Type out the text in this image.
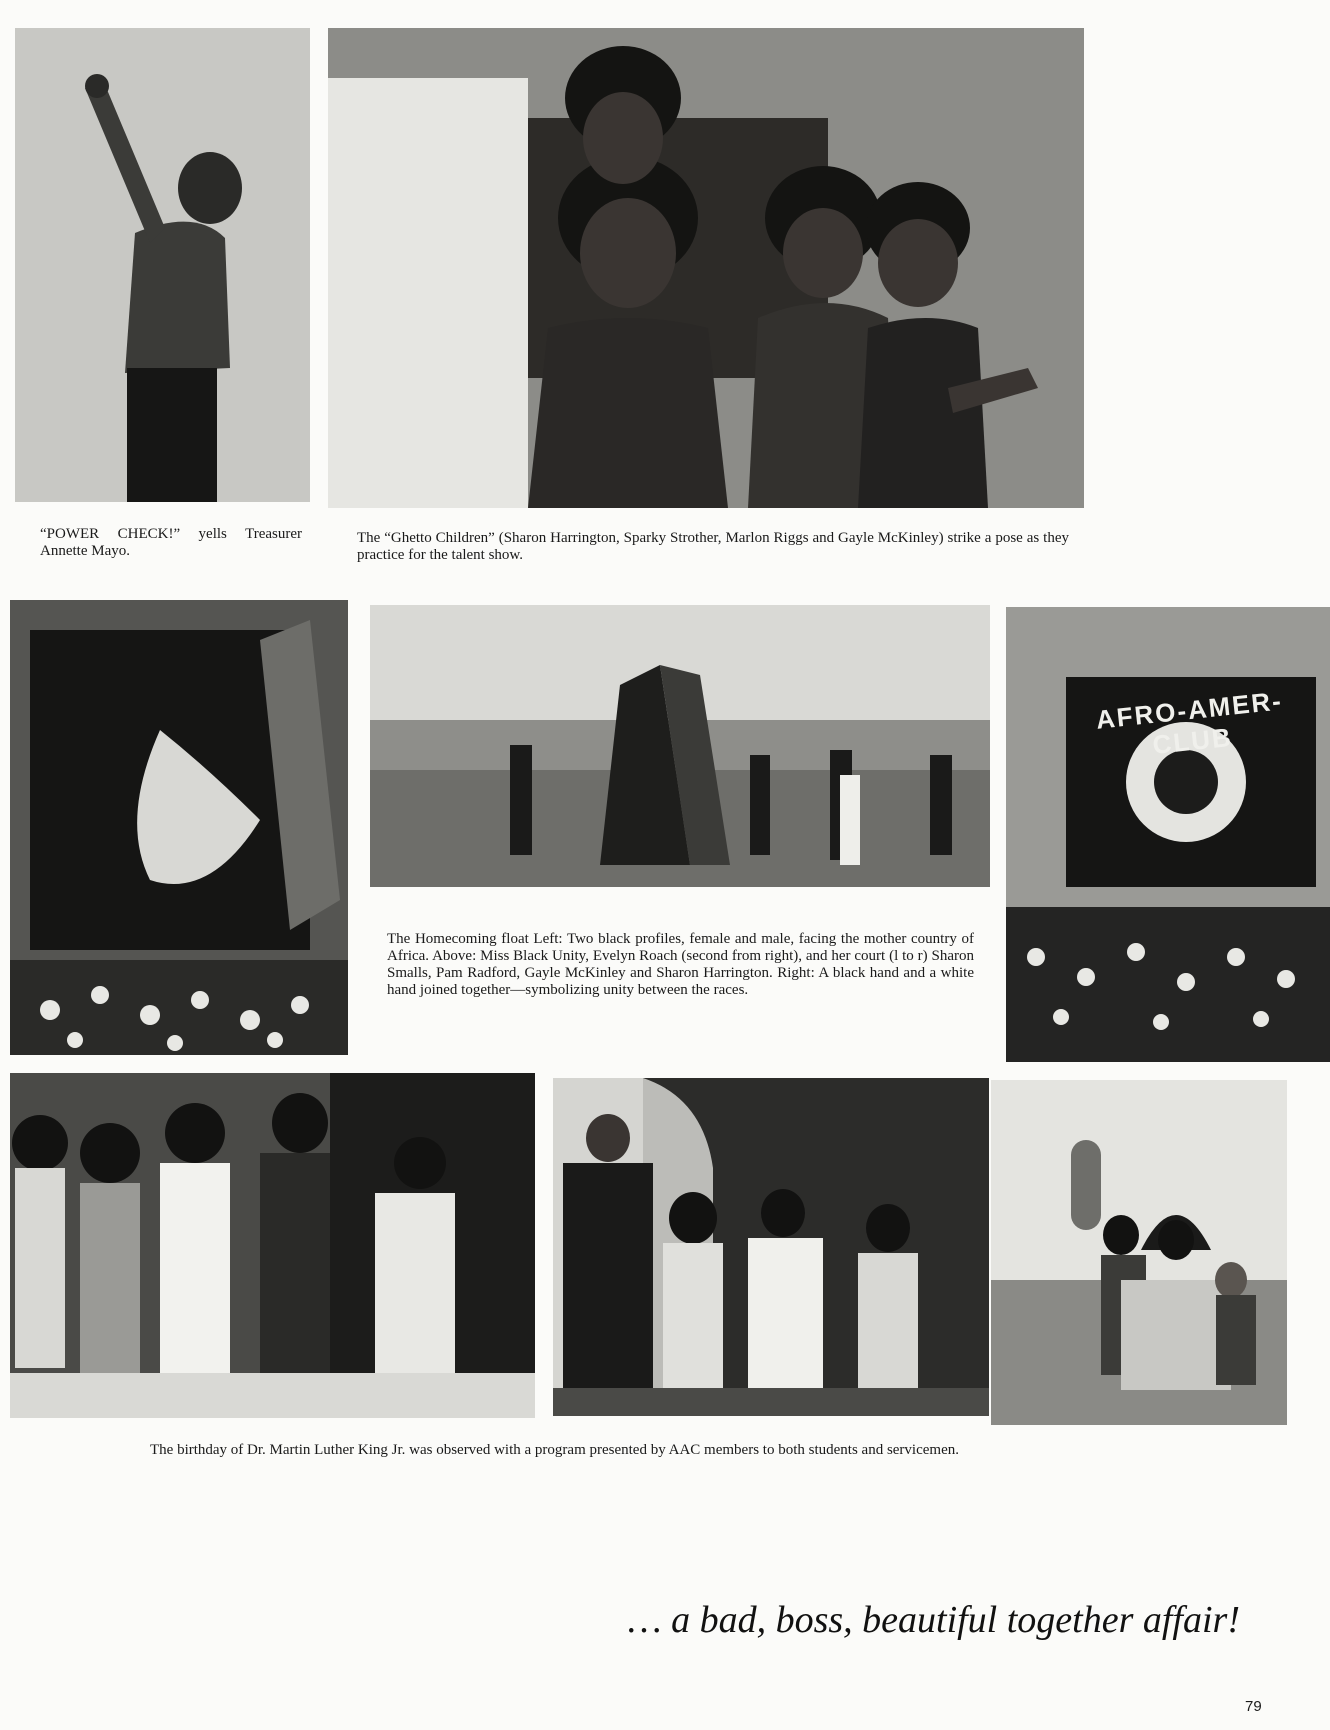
“POWER CHECK!” yells Treasurer Annette Mayo.
The “Ghetto Children” (Sharon Harrington, Sparky Strother, Marlon Riggs and Gayle McKinley) strike a pose as they practice for the talent show.
AFRO-AMER-CLUB
The Homecoming float Left: Two black profiles, female and male, facing the mother country of Africa. Above: Miss Black Unity, Evelyn Roach (second from right), and her court (l to r) Sharon Smalls, Pam Radford, Gayle McKinley and Sharon Harrington. Right: A black hand and a white hand joined together—symbolizing unity between the races.
The birthday of Dr. Martin Luther King Jr. was observed with a program presented by AAC members to both students and servicemen.
… a bad, boss, beautiful together affair!
79
